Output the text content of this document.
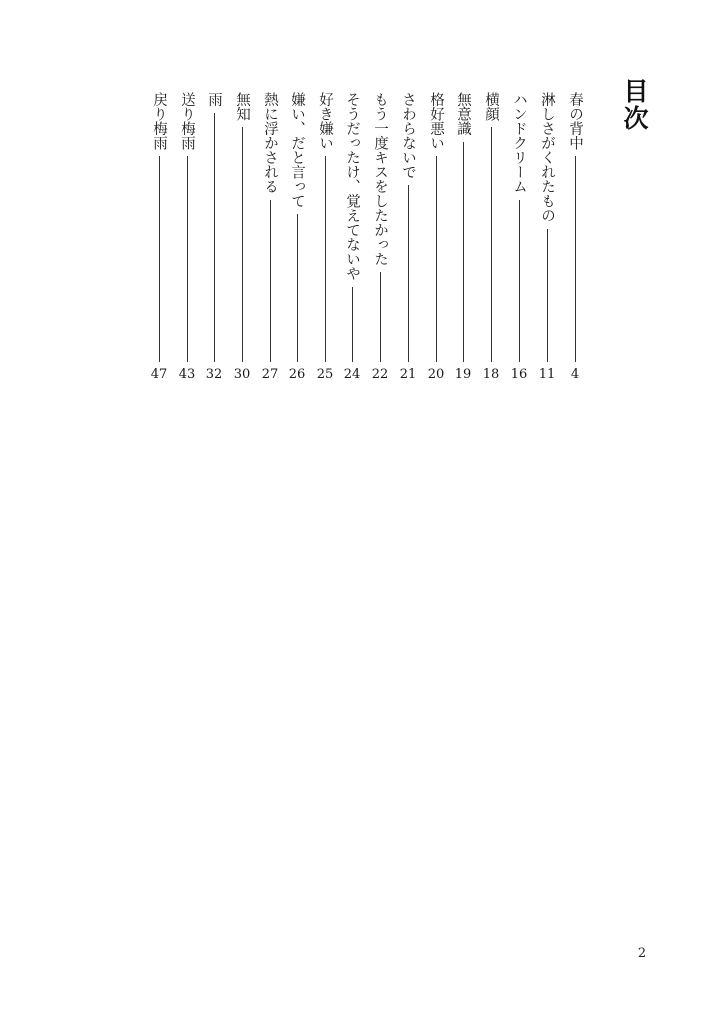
目次
春の背中
4
淋しさがくれたもの
11
ハンドクリーム
16
横顔
18
無意識
19
格好悪い
20
さわらないで
21
もう一度キスをしたかった
22
そうだったけ、覚えてないや
24
好き嫌い
25
嫌い、だと言って
26
熱に浮かされる
27
無知
30
雨
32
送り梅雨
43
戻り梅雨
47
2
